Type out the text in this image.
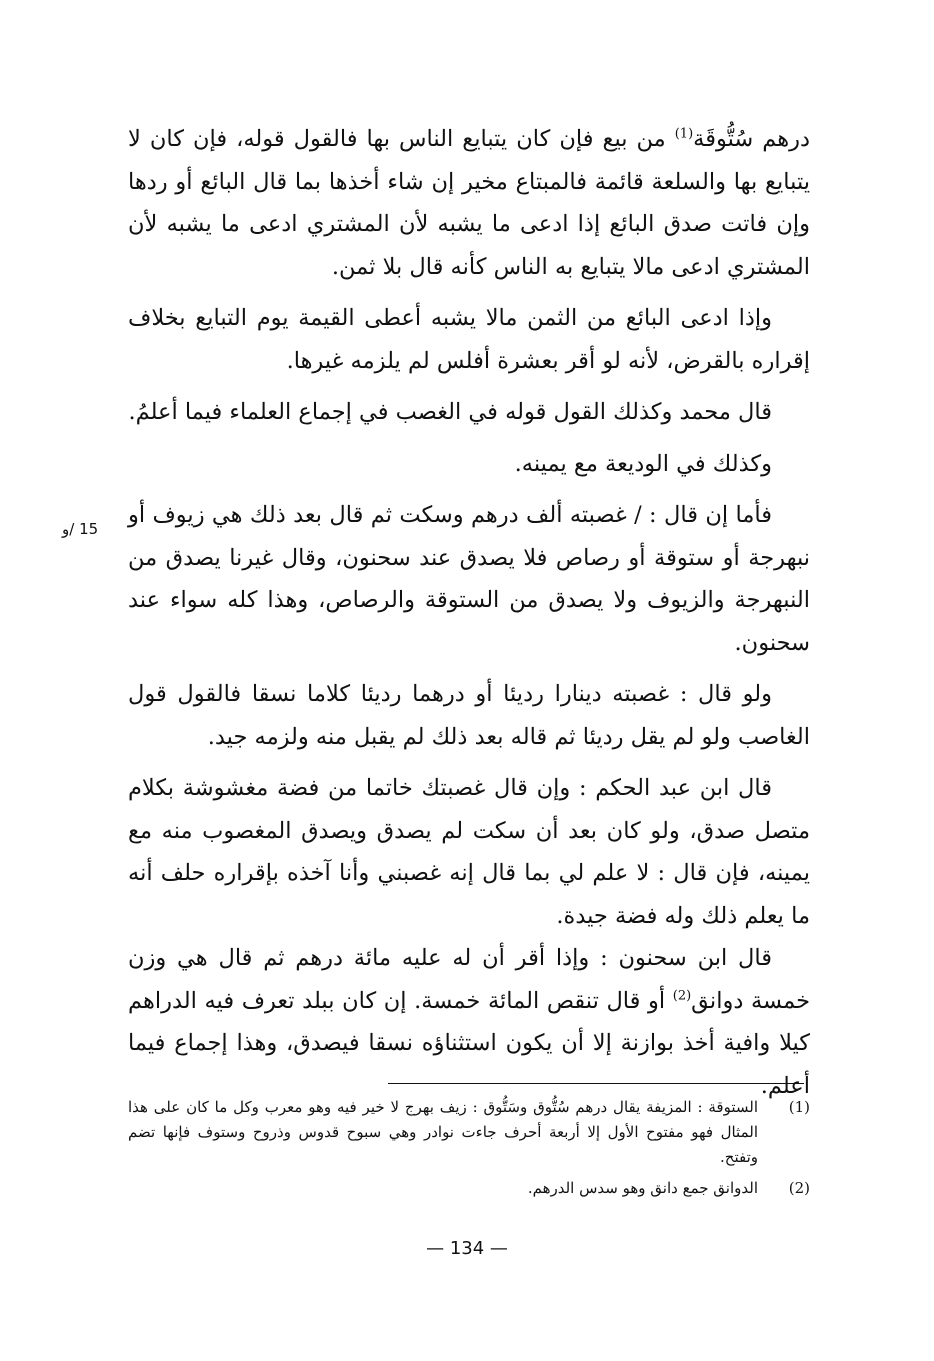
درهم سُتُّوقَة$^{(1)}$ من بيع فإن كان يتبايع الناس بها فالقول قوله، فإن كان لا يتبايع بها والسلعة قائمة فالمبتاع مخير إن شاء أخذها بما قال البائع أو ردها وإن فاتت صدق البائع إذا ادعى ما يشبه لأن المشتري ادعى ما يشبه لأن المشتري ادعى مالا يتبايع به الناس كأنه قال بلا ثمن.

وإذا ادعى البائع من الثمن مالا يشبه أعطى القيمة يوم التبايع بخلاف إقراره بالقرض، لأنه لو أقر بعشرة أفلس لم يلزمه غيرها.

قال محمد وكذلك القول قوله في الغصب في إجماع العلماء فيما أعلمُ.

وكذلك في الوديعة مع يمينه.

فأما إن قال : / غصبته ألف درهم وسكت ثم قال بعد ذلك هي زيوف أو نبهرجة أو ستوقة أو رصاص فلا يصدق عند سحنون، وقال غيرنا يصدق من النبهرجة والزيوف ولا يصدق من الستوقة والرصاص، وهذا كله سواء عند سحنون.

ولو قال : غصبته دينارا رديئا أو درهما رديئا كلاما نسقا فالقول قول الغاصب ولو لم يقل رديئا ثم قاله بعد ذلك لم يقبل منه ولزمه جيد.

قال ابن عبد الحكم : وإن قال غصبتك خاتما من فضة مغشوشة بكلام متصل صدق، ولو كان بعد أن سكت لم يصدق ويصدق المغصوب منه مع يمينه، فإن قال : لا علم لي بما قال إنه غصبني وأنا آخذه بإقراره حلف أنه ما يعلم ذلك وله فضة جيدة.

قال ابن سحنون : وإذا أقر أن له عليه مائة درهم ثم قال هي وزن خمسة دوانق$^{(2)}$ أو قال تنقص المائة خمسة. إن كان ببلد تعرف فيه الدراهم كيلا وافية أخذ بوازنة إلا أن يكون استثناؤه نسقا فيصدق، وهذا إجماع فيما أعلم.

15 /و
(1)
الستوقة : المزيفة يقال درهم سُتُّوق وسَتُّوق : زيف بهرج لا خير فيه وهو معرب وكل ما كان على هذا المثال فهو مفتوح الأول إلا أربعة أحرف جاءت نوادر وهي سبوح قدوس وذروح وستوف فإنها تضم وتفتح.
(2)
الدوانق جمع دانق وهو سدس الدرهم.
— 134 —
